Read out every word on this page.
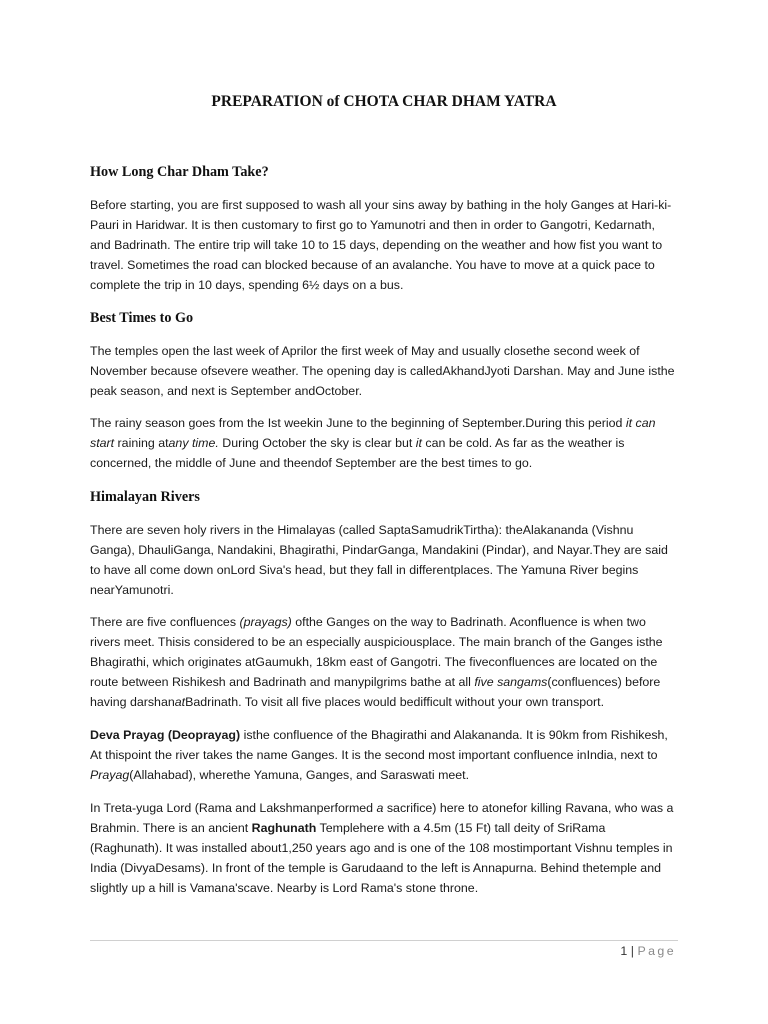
PREPARATION of CHOTA CHAR DHAM YATRA
How Long Char Dham Take?

Before starting, you are first supposed to wash all your sins away by bathing in the holy Ganges at Hari-ki-Pauri in Haridwar. It is then customary to first go to Yamunotri and then in order to Gangotri, Kedarnath, and Badrinath. The entire trip will take 10 to 15 days, depending on the weather and how fist you want to travel. Sometimes the road can blocked because of an avalanche. You have to move at a quick pace to complete the trip in 10 days, spending 6½ days on a bus.

Best Times to Go

The temples open the last week of Aprilor the first week of May and usually closethe second week of November because ofsevere weather. The opening day is calledAkhandJyoti Darshan. May and June isthe peak season, and next is September andOctober.

The rainy season goes from the Ist weekin June to the beginning of September.During this period it can start raining atany time. During October the sky is clear but it can be cold. As far as the weather is concerned, the middle of June and theendof September are the best times to go.

Himalayan Rivers

There are seven holy rivers in the Himalayas (called SaptaSamudrikTirtha): theAlakananda (Vishnu Ganga), DhauliGanga, Nandakini, Bhagirathi, PindarGanga, Mandakini (Pindar), and Nayar.They are said to have all come down onLord Siva's head, but they fall in differentplaces. The Yamuna River begins nearYamunotri.

There are five confluences (prayags) ofthe Ganges on the way to Badrinath. Aconfluence is when two rivers meet. Thisis considered to be an especially auspiciousplace. The main branch of the Ganges isthe Bhagirathi, which originates atGaumukh, 18km east of Gangotri. The fiveconfluences are located on the route between Rishikesh and Badrinath and manypilgrims bathe at all five sangams(confluences) before having darshanatBadrinath. To visit all five places would bedifficult without your own transport.

Deva Prayag (Deoprayag) isthe confluence of the Bhagirathi and Alakananda. It is 90km from Rishikesh, At thispoint the river takes the name Ganges. It is the second most important confluence inIndia, next to Prayag(Allahabad), wherethe Yamuna, Ganges, and Saraswati meet.

In Treta-yuga Lord (Rama and Lakshmanperformed a sacrifice) here to atonefor killing Ravana, who was a Brahmin. There is an ancient Raghunath Templehere with a 4.5m (15 Ft) tall deity of SriRama (Raghunath). It was installed about1,250 years ago and is one of the 108 mostimportant Vishnu temples in India (DivyaDesams). In front of the temple is Garudaand to the left is Annapurna. Behind thetemple and slightly up a hill is Vamana'scave. Nearby is Lord Rama's stone throne.

1 | Page
